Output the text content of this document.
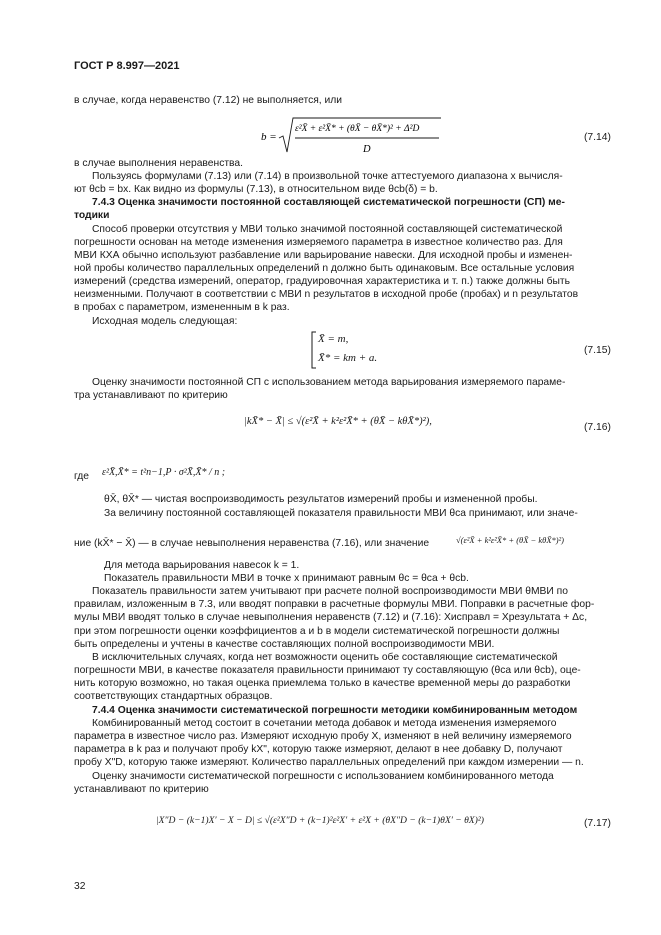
ГОСТ Р 8.997—2021
в случае, когда неравенство (7.12) не выполняется, или
b =
ε²X̄ + ε²X̄* + (θX̄ − θX̄*)² + Δ²D
D
(7.14)
в случае выполнения неравенства.
Пользуясь формулами (7.13) или (7.14) в произвольной точке аттестуемого диапазона x вычисля-
ют θcb = bx. Как видно из формулы (7.13), в относительном виде θcb(δ) = b.
7.4.3 Оценка значимости постоянной составляющей систематической погрешности (СП) ме-
тодики
Способ проверки отсутствия у МВИ только значимой постоянной составляющей систематической
погрешности основан на методе изменения измеряемого параметра в известное количество раз. Для
МВИ КХА обычно используют разбавление или варьирование навески. Для исходной пробы и изменен-
ной пробы количество параллельных определений n должно быть одинаковым. Все остальные условия
измерений (средства измерений, оператор, градуировочная характеристика и т. п.) также должны быть
неизменными. Получают в соответствии с МВИ n результатов в исходной пробе (пробах) и n результатов
в пробах с параметром, измененным в k раз.
Исходная модель следующая:
X̄ = m,
X̄* = km + a.
(7.15)
Оценку значимости постоянной СП с использованием метода варьирования измеряемого парамe-
тра устанавливают по критерию
|kX̄* − X̄| ≤ √(ε²X̄ + k²ε²X̄* + (θX̄ − kθX̄*)²),
(7.16)
где ε²X̄,X̄* = t²n−1,P · σ²X̄,X̄* / n ;
θX̄, θX̄* — чистая воспроизводимость результатов измерений пробы и измененной пробы.
За величину постоянной составляющей показателя правильности МВИ θca принимают, или значе-
ние (kX̄* − X̄) — в случае невыполнения неравенства (7.16), или значение	√(ε²X̄ + k²ε²X̄* + (θX̄ − kθX̄*)²)
Для метода варьирования навесок k = 1.
Показатель правильности МВИ в точке x принимают равным θc = θca + θcb.
Показатель правильности затем учитывают при расчете полной воспроизводимости МВИ θМВИ по
правилам, изложенным в 7.3, или вводят поправки в расчетные формулы МВИ. Поправки в расчетные фор-
мулы МВИ вводят только в случае невыполнения неравенств (7.12) и (7.16): Xисправл = Xрезультата + Δc,
при этом погрешности оценки коэффициентов a и b в модели систематической погрешности должны
быть определены и учтены в качестве составляющих полной воспроизводимости МВИ.
В исключительных случаях, когда нет возможности оценить обе составляющие систематической
погрешности МВИ, в качестве показателя правильности принимают ту составляющую (θca или θcb), оце-
нить которую возможно, но такая оценка приемлема только в качестве временной меры до разработки
соответствующих стандартных образцов.
7.4.4 Оценка значимости систематической погрешности методики комбинированным методом
Комбинированный метод состоит в сочетании метода добавок и метода изменения измеряемого
параметра в известное число раз. Измеряют исходную пробу X, изменяют в ней величину измеряемого
параметра в k раз и получают пробу kX", которую также измеряют, делают в нее добавку D, получают
пробу X"D, которую также измеряют. Количество параллельных определений при каждом измерении — n.
Оценку значимости систематической погрешности с использованием комбинированного метода
устанавливают по критерию
|X″D − (k−1)X′ − X − D| ≤ √(ε²X″D + (k−1)²ε²X′ + ε²X + (θX″D − (k−1)θX′ − θX)²)	(7.17)
32
